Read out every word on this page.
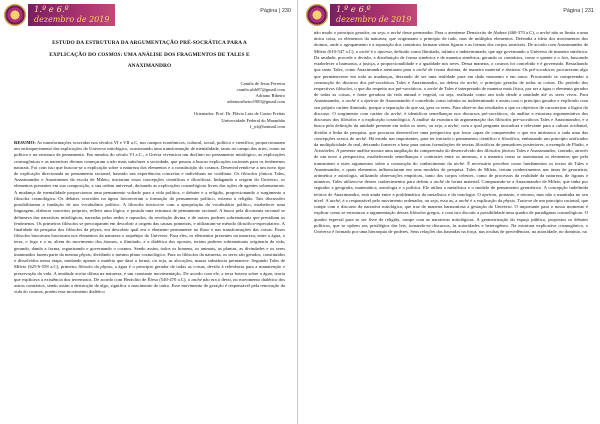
1.º e 6.º
dezembro de 2019
Página | 230
ESTUDO DA ESTRUTURA DA ARGUMENTAÇÃO PRÉ-SOCRÁTICA PARA A
EXPLICAÇÃO DO COSMOS: UMA ANÁLISE DOS FRAGMENTOS DE TALES E
ANAXIMANDRO
Camila de Jesus Ferreira
camila.ufrb87@gmail.com
Adriano Ribeiro
adrianoribeiro1983@gmail.com
Orientador: Prof. Dr. Flávio Luiz de Castro Freitas
Universidade Federal do Maranhão
f_jcf@hotmail.com
RESUMO: As transformações ocorridas nos séculos VI e VII a.C, nos campos econômicos, cultural, social, político e científico, proporcionaram um enfraquecimento das explicações do Universo mitológico, ocasionando uma transformação de mentalidade, tanto no campo das artes, como na política e na estrutura de pensamento. Em meados do século VI a.C., a Grécia vivenciou um declínio no pensamento mitológico, as explicações cosmogônicas e as narrativas divinas começaram a não mais satisfazer a sociedade, que passou a buscar explicações racionais para os fenômenos naturais. Foi com isto que buscou-se a explicação sobre a natureza dos elementos e a constituição do cosmos. Desenvolvendo-se a um novo tipo de explicação direcionada ao pensamento racional, baseado nas experiências concretas e individuais no cotidiano. Os filósofos jônicos Tales, Anaximandro e Anaxímenes da escola de Mileto, iniciaram essas concepções científicas e filosóficas. Indagando a origem do Universo, os elementos presentes em sua composição, a sua ordem universal, deixando as explicações cosmológicas livres das ações de agentes sobrenaturais. A mudança de mentalidade proporcionou uma pensamento voltado para a vida política, o debater e a religião, proporcionando o surgimento a filosofia cosmológica. Os debates ocorridos na ágora favoreceram a formação do pensamento político, externo à religião. Tais discussões possibilitaram a fundação de um vocabulário político. A filosofia iniciou-se com a apropriação do vocabulário político, estabelecer uma linguagem, elaborar conceitos próprios, refletir uma lógica, e postula uma estrutura de pensamento racional. A busca pela dicotomia racional se delineava das narrativas mitológicas, narradas pelos aedos e rapsodos, da revelação divina, e de outros poderes sobrenaturais que presidiam os fenômenos. Os primeiros filósofos se preocuparam em descobrir a origem das causas primeiras, e utilizaram-se método filosófico-especulativo. A finalidade da pesquisa dos filósofos da physis, era descobrir qual era o elemento permanente na fluxo e nas transformações das coisas. Esses filósofos buscavam buscavam nos elementos da natureza o arquétipo do Universo. Para eles, os elementos presentes na natureza, entre a água, o terra, o fogo e o ar, aliem do movimento dos átomos, o ilimitado, e a dialética dos opostos, teriam poderes sobrenaturais originaria da vida, gerando, dando a forma, organizando e governando o cosmos. Sendo assim, todos os homens, os animais, as plantas, as divindades e os seres inanimados fazem parte da mesma physis, dividindo o mesmo plano cosmológico. Para os filósofos da natureza, os seres são gerados, constituídos e dissolvidos nessa etapa, mudando apenas a matéria que dará a forma, ou seja, as alocações, massa substância permanece. Segundo Tales de Mileto (625-6-558 a.C), primeiro filósofo da physis, a água é o princípio gerador de todas as coisas, devido à relevância para a manutenção e preservação da vida. A umidade aceita difusa na natureza, e um constante movimentação. De acordo com ele, a terra boiava sobre a água, teoria que explicava a existência dos terremotos. De acordo com Heráclito de Éfeso (540-470 a.C), o arché não era o devir, no movimento dialético dos astros contrários, sendo assim a destruição de algo, significa o nascimento de outro. Esse movimento de geração é responsável pela renovação da vida do cosmos, porém esse movimento dialético
1.º e 6.º
dezembro de 2019
Página | 231
não mudo o princípio gerador, ou seja, o arché deste permeador. Para o ateniense Demócrito de Abdera (460-370 a.C), o arché não se limita a uma única coisa, os elementos da natureza, que originaram o princípio de tudo, mas de múltiplos elementos. Defendia a ideia dos movimentos dos átomos, onde o agrupamento e a separação dos contrários formam várias figuras e as formas dos corpos sensíveis. De acordo com Anaximandro de Mileto (610-547 a.C), o arché é o ápeiron, definido como Ilimitado, infinito e indeterminado, que age governando o Universo de maneira simétrica. Da unidade, procede a divisão, a distribuição de forma simétrica e de maneira simétrica, gerando os contrários, como o quente e o frio, buscando estabelecer a harmonia, a justiça, a proporcionalidade e a igualdade nos seres. Dessa maneira, o cosmos foi concebido e é governado. Ressaltando que tanto Tales, como Anaximandro atentaram para a arché de forma distinta, de maneira material e abstrata. Os pré-socráticos procuravam algo que permanecesse em toda as mudanças, deixando de ser uma realidade pura em dado momento e em outro. Procurando se compreender a construção do discurso dos pré-socráticos Tales e Anaximandro, na defesa do arché, o princípio gerador de todas as coisas. Do período dos respectivos filósofos, o que diz respeito aos pré-socráticos, o arché de Tales é interpretado de maneira mais física, por ser a água o elemento gerador de todas as coisas, e fonte geradora da vida animal e vegetal, ou seja, realizada como um todo desde a umidade até os seres vivos. Para Anaximandro, o arché é o ápeiron de Anaximandro é concebido como infinita ou indeterminado e assim com o princípio gerador e explicado com seu próprio caráter ilimitado, porque a separação do que sai, gera os seres. Para obter-se das resultados o que os objetivos de caracterizar a lógica do discurso. O surgimento com caráter do arché, é identificar semelhanças nos discursos pré-socráticos; da análise a estrutura argumentativa dos discursos dos filósofos e a explicação cosmológica. A análise da estrutura da argumentação dos filósofos pré-socráticos Tales e Anaximandro, e a busca pela definição da unidade presente em todos os seres, ou seja, a arché, com a qual pergunta inovadora e relevante para a cultura ocidental, dividiu a linha de pesquisa, que procurou desenvolver uma perspectiva que fosse capaz de compreender o que era intrínseco a cada uma das concepções acerca do arché. Há estudo nas importantes, para ter iniciado o pensamento científico e filosófico, embasando um princípio unificador da multiplicidade do real, deixando fornecer a base para outras formulações de teorias filosóficas de pensadores posteriores, a exemplo de Platão, e Aristóteles. A presente análise mostra uma ampliação da compreensão do desenvolvido dos filósofos jônicos Tales e Anaximandro, contudo, através de um novo a perspectiva, estabelecendo semelhanças e contrastes entre os mesmos, e a maneira como se assentaram os elementos que pela transmitem a estes argumentos sobre a construção do conhecimento da arché. É necessário perceber como fundamentos os textos de Tales e Anaximandro, e quais elementos influenciaram em seus modelos de pesquisa. Tales de Mileto, teriam conhecimentos nas áreas de geometria, aritmética e astrologia, utilizando observações empíricas, tanto dos corpos celestes, como de processos da realidade da natureza, de figuras e números. Tales utilizou-se desses conhecimentos para definir a arché de forma material. Comparando-se a Anaximandro de Mileto, que tinha por seguidor a geografia, matemática, astrologia e a política. Ele utiliza a metafísica e o modelo de pensamento geométrico. A concepção indefinida teórica de Anaximandro, está ainda entre a problemática da metafísica e da ontologia. O ápeiron, portanto, e retorno, mas não a mantinha no seu nível. A arché, é o responsável pelo movimento ordenador, ou seja, essa as, a arché é a explicação da physis. Trata-se de um princípio racional, que rompe com o discurso da narrativa mitológica, que traz de maneira harmoniosa a gestação do Universo. O importante para o nosso momento é explicar como se estruturou a argumentação desses filósofos gregos, e com isto discutir a possibilidade uma quadro de paradigmas cosmológicas. O quadro especial para se ser livre de religião, rompe com as narrativas mitológicas. A geometrização do espaço público, propostos os debates políticos, que se opõem aos privilégios das leis, tornando-se discursos, às autoridades e heterogêneo. Na estrutura explicativa cosmogônica, o Universo é formado por uma hierarquia de poderes. Seus relações das baseadas na força, nas ocultas de precedências, na autoridade, no domínio, na
